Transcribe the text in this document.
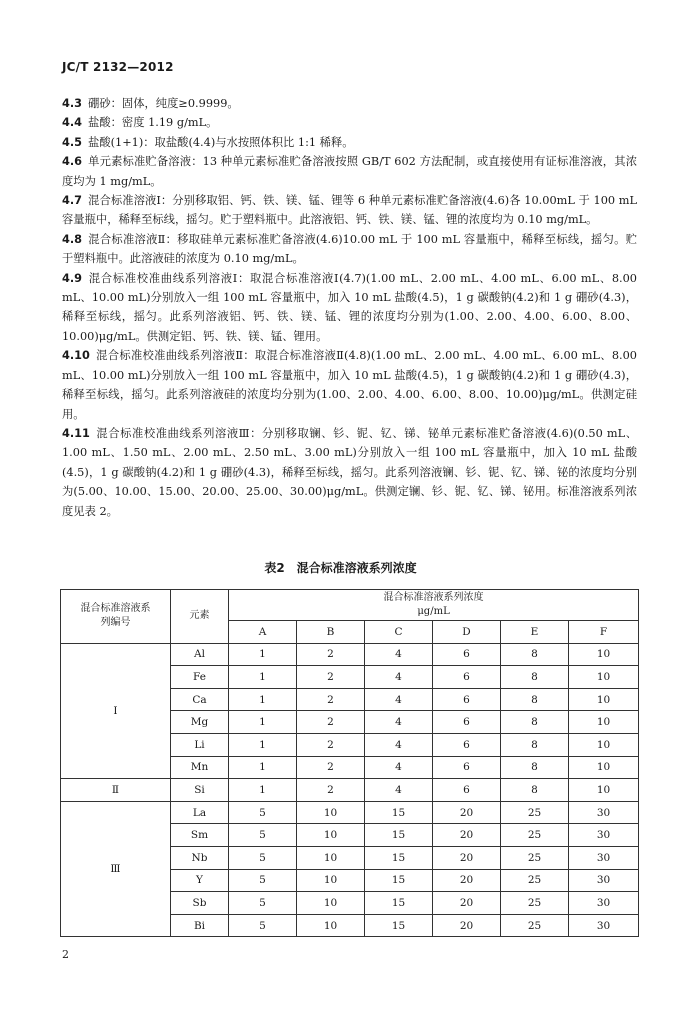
JC/T 2132—2012

4.3 硼砂：固体，纯度≥0.9999。

4.4 盐酸：密度 1.19 g/mL。

4.5 盐酸(1+1)：取盐酸(4.4)与水按照体积比 1:1 稀释。

4.6 单元素标准贮备溶液：13 种单元素标准贮备溶液按照 GB/T 602 方法配制，或直接使用有证标准溶液，其浓度均为 1 mg/mL。

4.7 混合标准溶液Ⅰ：分别移取铝、钙、铁、镁、锰、锂等 6 种单元素标准贮备溶液(4.6)各 10.00mL 于 100 mL 容量瓶中，稀释至标线，摇匀。贮于塑料瓶中。此溶液铝、钙、铁、镁、锰、锂的浓度均为 0.10 mg/mL。

4.8 混合标准溶液Ⅱ：移取硅单元素标准贮备溶液(4.6)10.00 mL 于 100 mL 容量瓶中，稀释至标线，摇匀。贮于塑料瓶中。此溶液硅的浓度为 0.10 mg/mL。

4.9 混合标准校准曲线系列溶液Ⅰ：取混合标准溶液Ⅰ(4.7)(1.00 mL、2.00 mL、4.00 mL、6.00 mL、8.00 mL、10.00 mL)分别放入一组 100 mL 容量瓶中，加入 10 mL 盐酸(4.5)，1 g 碳酸钠(4.2)和 1 g 硼砂(4.3)，稀释至标线，摇匀。此系列溶液铝、钙、铁、镁、锰、锂的浓度均分别为(1.00、2.00、4.00、6.00、8.00、10.00)μg/mL。供测定铝、钙、铁、镁、锰、锂用。

4.10 混合标准校准曲线系列溶液Ⅱ：取混合标准溶液Ⅱ(4.8)(1.00 mL、2.00 mL、4.00 mL、6.00 mL、8.00 mL、10.00 mL)分别放入一组 100 mL 容量瓶中，加入 10 mL 盐酸(4.5)，1 g 碳酸钠(4.2)和 1 g 硼砂(4.3)，稀释至标线，摇匀。此系列溶液硅的浓度均分别为(1.00、2.00、4.00、6.00、8.00、10.00)μg/mL。供测定硅用。

4.11 混合标准校准曲线系列溶液Ⅲ：分别移取镧、钐、铌、钇、锑、铋单元素标准贮备溶液(4.6)(0.50 mL、1.00 mL、1.50 mL、2.00 mL、2.50 mL、3.00 mL)分别放入一组 100 mL 容量瓶中，加入 10 mL 盐酸(4.5)，1 g 碳酸钠(4.2)和 1 g 硼砂(4.3)，稀释至标线，摇匀。此系列溶液镧、钐、铌、钇、锑、铋的浓度均分别为(5.00、10.00、15.00、20.00、25.00、30.00)μg/mL。供测定镧、钐、铌、钇、锑、铋用。标准溶液系列浓度见表 2。

表2　混合标准溶液系列浓度
混合标准溶液系列编号	元素	混合标准溶液系列浓度
μg/mL					

		A	B	C	D	E	F
Ⅰ	Al	1	2	4	6	8	10
	Fe	1	2	4	6	8	10
	Ca	1	2	4	6	8	10
	Mg	1	2	4	6	8	10
	Li	1	2	4	6	8	10
	Mn	1	2	4	6	8	10
Ⅱ	Si	1	2	4	6	8	10
Ⅲ	La	5	10	15	20	25	30
	Sm	5	10	15	20	25	30
	Nb	5	10	15	20	25	30
	Y	5	10	15	20	25	30
	Sb	5	10	15	20	25	30
	Bi	5	10	15	20	25	30
2
